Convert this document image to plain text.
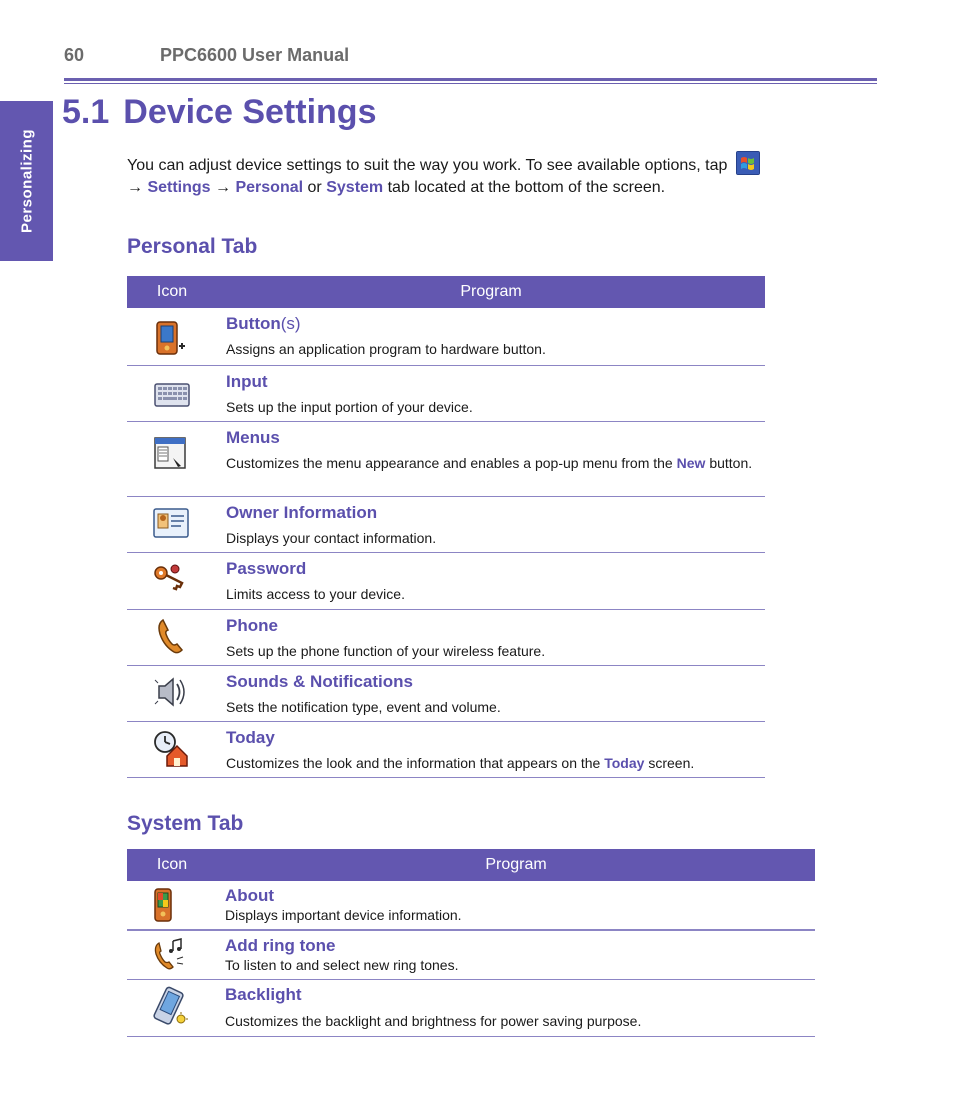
60	PPC6600 User Manual
Personalizing
5.1 Device Settings
You can adjust device settings to suit the way you work. To see available options, tap

→ Settings → Personal or System tab located at the bottom of the screen.
Personal Tab
Icon	Program
Button(s)
Assigns an application program to hardware button.
Input
Sets up the input portion of your device.
Menus
Customizes the menu appearance and enables a pop-up menu from the New button.
Owner Information
Displays your contact information.
Password
Limits access to your device.
Phone
Sets up the phone function of your wireless feature.
Sounds & Notifications
Sets the notification type, event and volume.
Today
Customizes the look and the information that appears on the Today screen.
System Tab
Icon	Program
About
Displays important device information.
Add ring tone
To listen to and select new ring tones.
Backlight
Customizes the backlight and brightness for power saving purpose.
